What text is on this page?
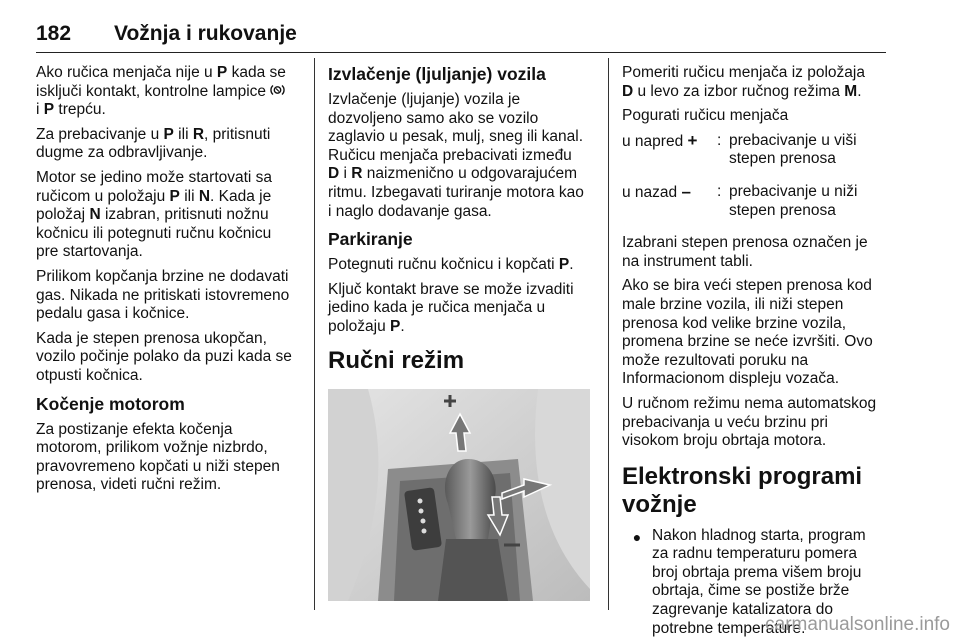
182 Vožnja i rukovanje

Ako ručica menjača nije u P kada se
isključi kontakt, kontrolne lampice
i P trepću.

Za prebacivanje u P ili R, pritisnuti
dugme za odbravljivanje.

Motor se jedino može startovati sa
ručicom u položaju P ili N. Kada je
položaj N izabran, pritisnuti nožnu
kočnicu ili potegnuti ručnu kočnicu
pre startovanja.

Prilikom kopčanja brzine ne dodavati
gas. Nikada ne pritiskati istovremeno
pedalu gasa i kočnice.

Kada je stepen prenosa ukopčan,
vozilo počinje polako da puzi kada se
otpusti kočnica.

Kočenje motorom

Za postizanje efekta kočenja
motorom, prilikom vožnje nizbrdo,
pravovremeno kopčati u niži stepen
prenosa, videti ručni režim.

Izvlačenje (ljuljanje) vozila

Izvlačenje (ljujanje) vozila je
dozvoljeno samo ako se vozilo
zaglavio u pesak, mulj, sneg ili kanal.
Ručicu menjača prebacivati između
D i R naizmenično u odgovarajućem
ritmu. Izbegavati turiranje motora kao
i naglo dodavanje gasa.

Parkiranje

Potegnuti ručnu kočnicu i kopčati P.

Ključ kontakt brave se može izvaditi
jedino kada je ručica menjača u
položaju P.

Ručni režim

Pomeriti ručicu menjača iz položaja
D u levo za izbor ručnog režima M.

Pogurati ručicu menjača

u napred +	: prebacivanje u viši
stepen prenosa
u nazad –	: prebacivanje u niži
stepen prenosa

Izabrani stepen prenosa označen je
na instrument tabli.

Ako se bira veći stepen prenosa kod
male brzine vozila, ili niži stepen
prenosa kod velike brzine vozila,
promena brzine se neće izvršiti. Ovo
može rezultovati poruku na
Informacionom displeju vozača.

U ručnom režimu nema automatskog
prebacivanja u veću brzinu pri
visokom broju obrtaja motora.

Elektronski programi vožnje
● Nakon hladnog starta, program
za radnu temperaturu pomera
broj obrtaja prema višem broju
obrtaja, čime se postiže brže
zagrevanje katalizatora do
potrebne temperature.
carmanualsonline.info
